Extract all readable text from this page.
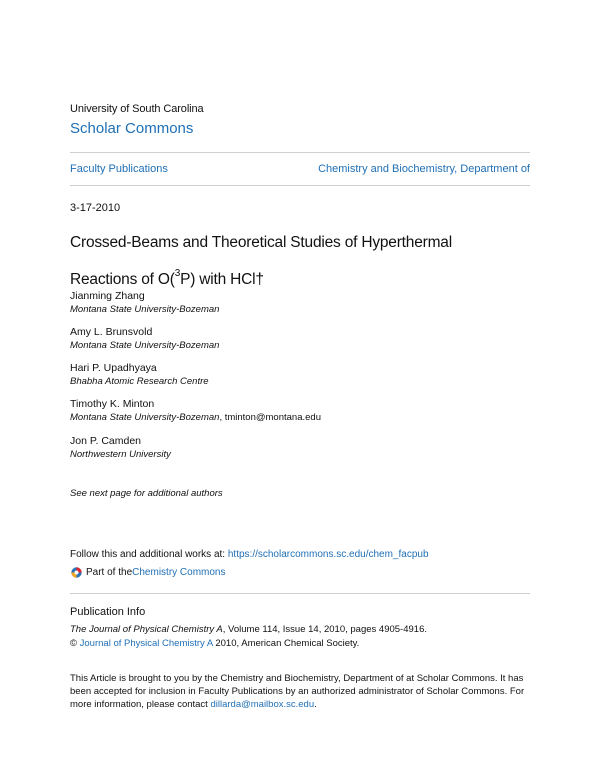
University of South Carolina
Scholar Commons
Faculty Publications	Chemistry and Biochemistry, Department of
3-17-2010
Crossed-Beams and Theoretical Studies of Hyperthermal
Reactions of O($^3$P) with HCl†
Jianming Zhang
Montana State University-Bozeman
Amy L. Brunsvold
Montana State University-Bozeman
Hari P. Upadhyaya
Bhabha Atomic Research Centre
Timothy K. Minton
Montana State University-Bozeman, tminton@montana.edu
Jon P. Camden
Northwestern University
See next page for additional authors
Follow this and additional works at: https://scholarcommons.sc.edu/chem_facpub
Part of the Chemistry Commons
Publication Info
The Journal of Physical Chemistry A, Volume 114, Issue 14, 2010, pages 4905-4916.
© Journal of Physical Chemistry A 2010, American Chemical Society.
This Article is brought to you by the Chemistry and Biochemistry, Department of at Scholar Commons. It has been accepted for inclusion in Faculty Publications by an authorized administrator of Scholar Commons. For more information, please contact dillarda@mailbox.sc.edu.
